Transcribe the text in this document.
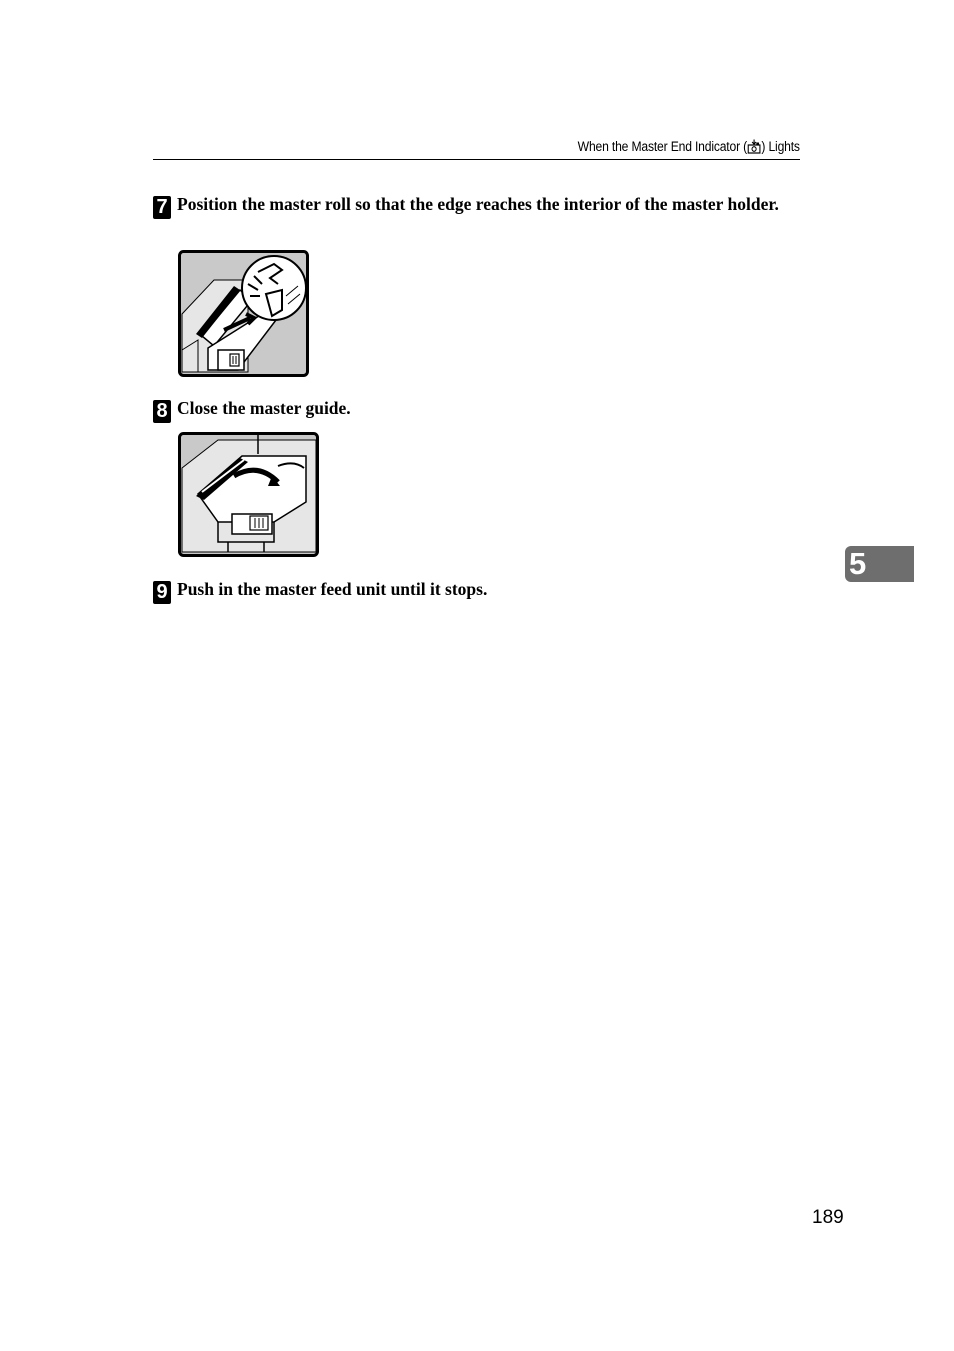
When the Master End Indicator ( ) Lights
7 Position the master roll so that the edge reaches the interior of the master holder.
8 Close the master guide.
9 Push in the master feed unit until it stops.
5
189
